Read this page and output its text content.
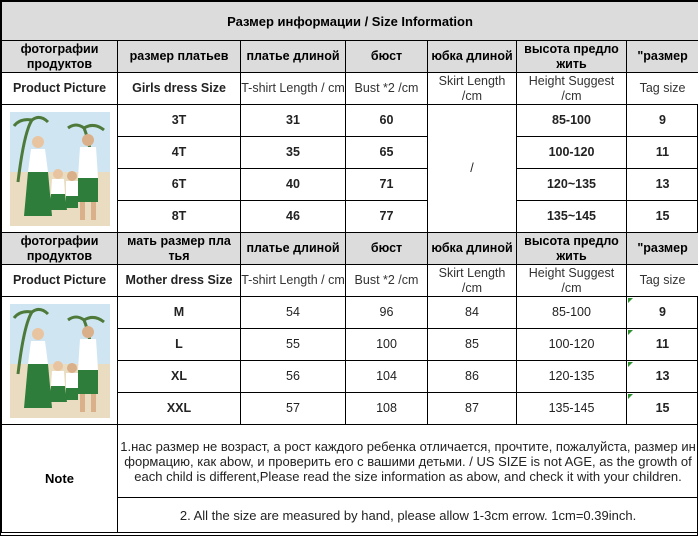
Размер информации / Size Information						
фотографии продуктов	размер платьев	платье длиной	бюст	юбка длиной	высота предло жить	"размер
Product Picture	Girls dress Size	T-shirt Length / cm	Bust *2 /cm	Skirt Length /cm	Height Suggest /cm	Tag size

	3T	31	60	/	85-100	9
	4T	35	65		100-120	11
	6T	40	71		120~135	13
	8T	46	77		135~145	15
фотографии продуктов	мать размер пла тья	платье длиной	бюст	юбка длиной	высота предло жить	"размер
Product Picture	Mother dress Size	T-shirt Length / cm	Bust *2 /cm	Skirt Length /cm	Height Suggest /cm	Tag size

	M	54	96	84	85-100	9
	L	55	100	85	100-120	11
	XL	56	104	86	120-135	13
	XXL	57	108	87	135-145	15
Note	1.нас размер не возраст, а рост каждого ребенка отличается, прочтите, пожалуйста, размер ин формацию, как abow, и проверить его с вашими детьми. / US SIZE is not AGE, as the growth of each child is different,Please read the size information as abow, and check it with your children.					
	2. All the size are measured by hand, please allow 1-3cm errow. 1cm=0.39inch.					
